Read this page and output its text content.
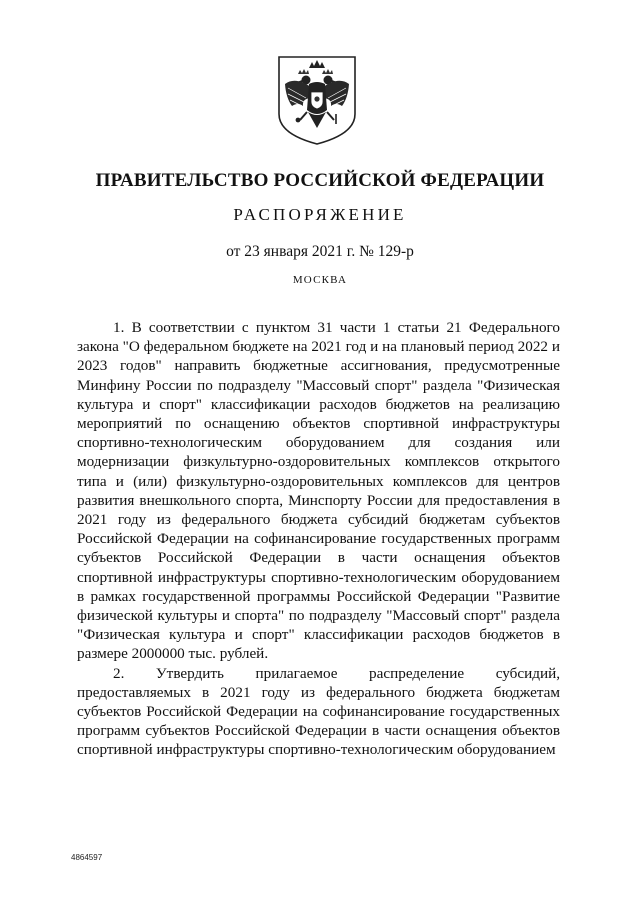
ПРАВИТЕЛЬСТВО РОССИЙСКОЙ ФЕДЕРАЦИИ
РАСПОРЯЖЕНИЕ
от 23 января 2021 г. № 129-р
МОСКВА

1. В соответствии с пунктом 31 части 1 статьи 21 Федерального закона "О федеральном бюджете на 2021 год и на плановый период 2022 и 2023 годов" направить бюджетные ассигнования, предусмотренные Минфину России по подразделу "Массовый спорт" раздела "Физическая культура и спорт" классификации расходов бюджетов на реализацию мероприятий по оснащению объектов спортивной инфраструктуры спортивно-технологическим оборудованием для создания или модернизации физкультурно-оздоровительных комплексов открытого типа и (или) физкультурно-оздоровительных комплексов для центров развития внешкольного спорта, Минспорту России для предоставления в 2021 году из федерального бюджета субсидий бюджетам субъектов Российской Федерации на софинансирование государственных программ субъектов Российской Федерации в части оснащения объектов спортивной инфраструктуры спортивно-технологическим оборудованием в рамках государственной программы Российской Федерации "Развитие физической культуры и спорта" по подразделу "Массовый спорт" раздела "Физическая культура и спорт" классификации расходов бюджетов в размере 2000000 тыс. рублей.

2. Утвердить прилагаемое распределение субсидий, предоставляемых в 2021 году из федерального бюджета бюджетам субъектов Российской Федерации на софинансирование государственных программ субъектов Российской Федерации в части оснащения объектов спортивной инфраструктуры спортивно-технологическим оборудованием

4864597
